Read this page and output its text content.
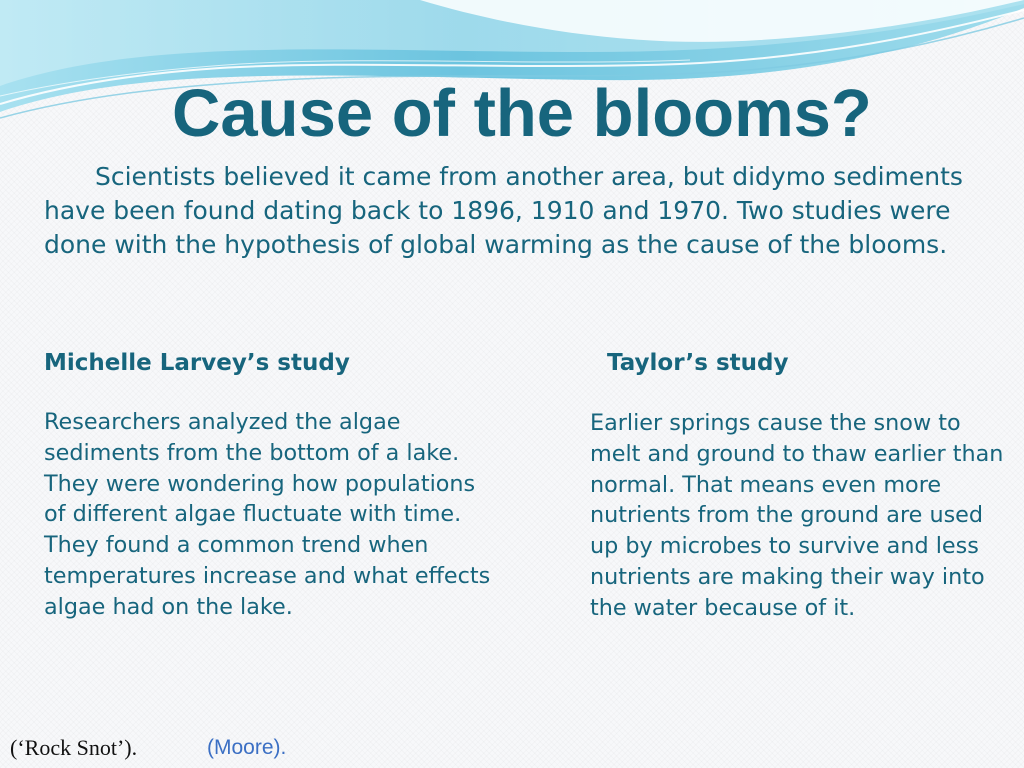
Cause of the blooms?

Scientists believed it came from another area, but didymo sediments have been found dating back to 1896, 1910 and 1970. Two studies were done with the hypothesis of global warming as the cause of the blooms.

Michelle Larvey’s study	Taylor’s study

Researchers analyzed the algae
sediments from the bottom of a lake.
They were wondering how populations
of different algae fluctuate with time.
They found a common trend when
temperatures increase and what effects
algae had on the lake.

Earlier springs cause the snow to
melt and ground to thaw earlier than
normal. That means even more
nutrients from the ground are used
up by microbes to survive and less
nutrients are making their way into
the water because of it.

(‘Rock Snot’).	(Moore).
